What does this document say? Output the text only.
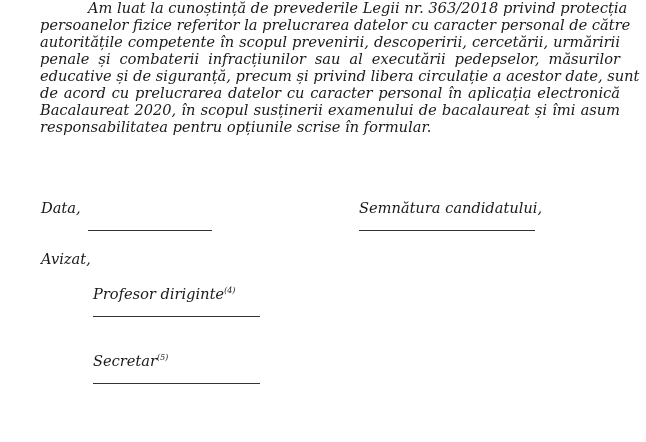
Am luat la cunoștință de prevederile Legii nr. 363/2018 privind protecția
persoanelor fizice referitor la prelucrarea datelor cu caracter personal de către
autoritățile competente în scopul prevenirii, descoperirii, cercetării, urmăririi
penale și combaterii infracțiunilor sau al executării pedepselor, măsurilor
educative și de siguranță, precum și privind libera circulație a acestor date, sunt
de acord cu prelucrarea datelor cu caracter personal în aplicația electronică
Bacalaureat 2020, în scopul susținerii examenului de bacalaureat și îmi asum
responsabilitatea pentru opțiunile scrise în formular.
Data,	Semnătura candidatului,
Avizat,
Profesor diriginte$^{(4)}$
Secretar$^{(5)}$
